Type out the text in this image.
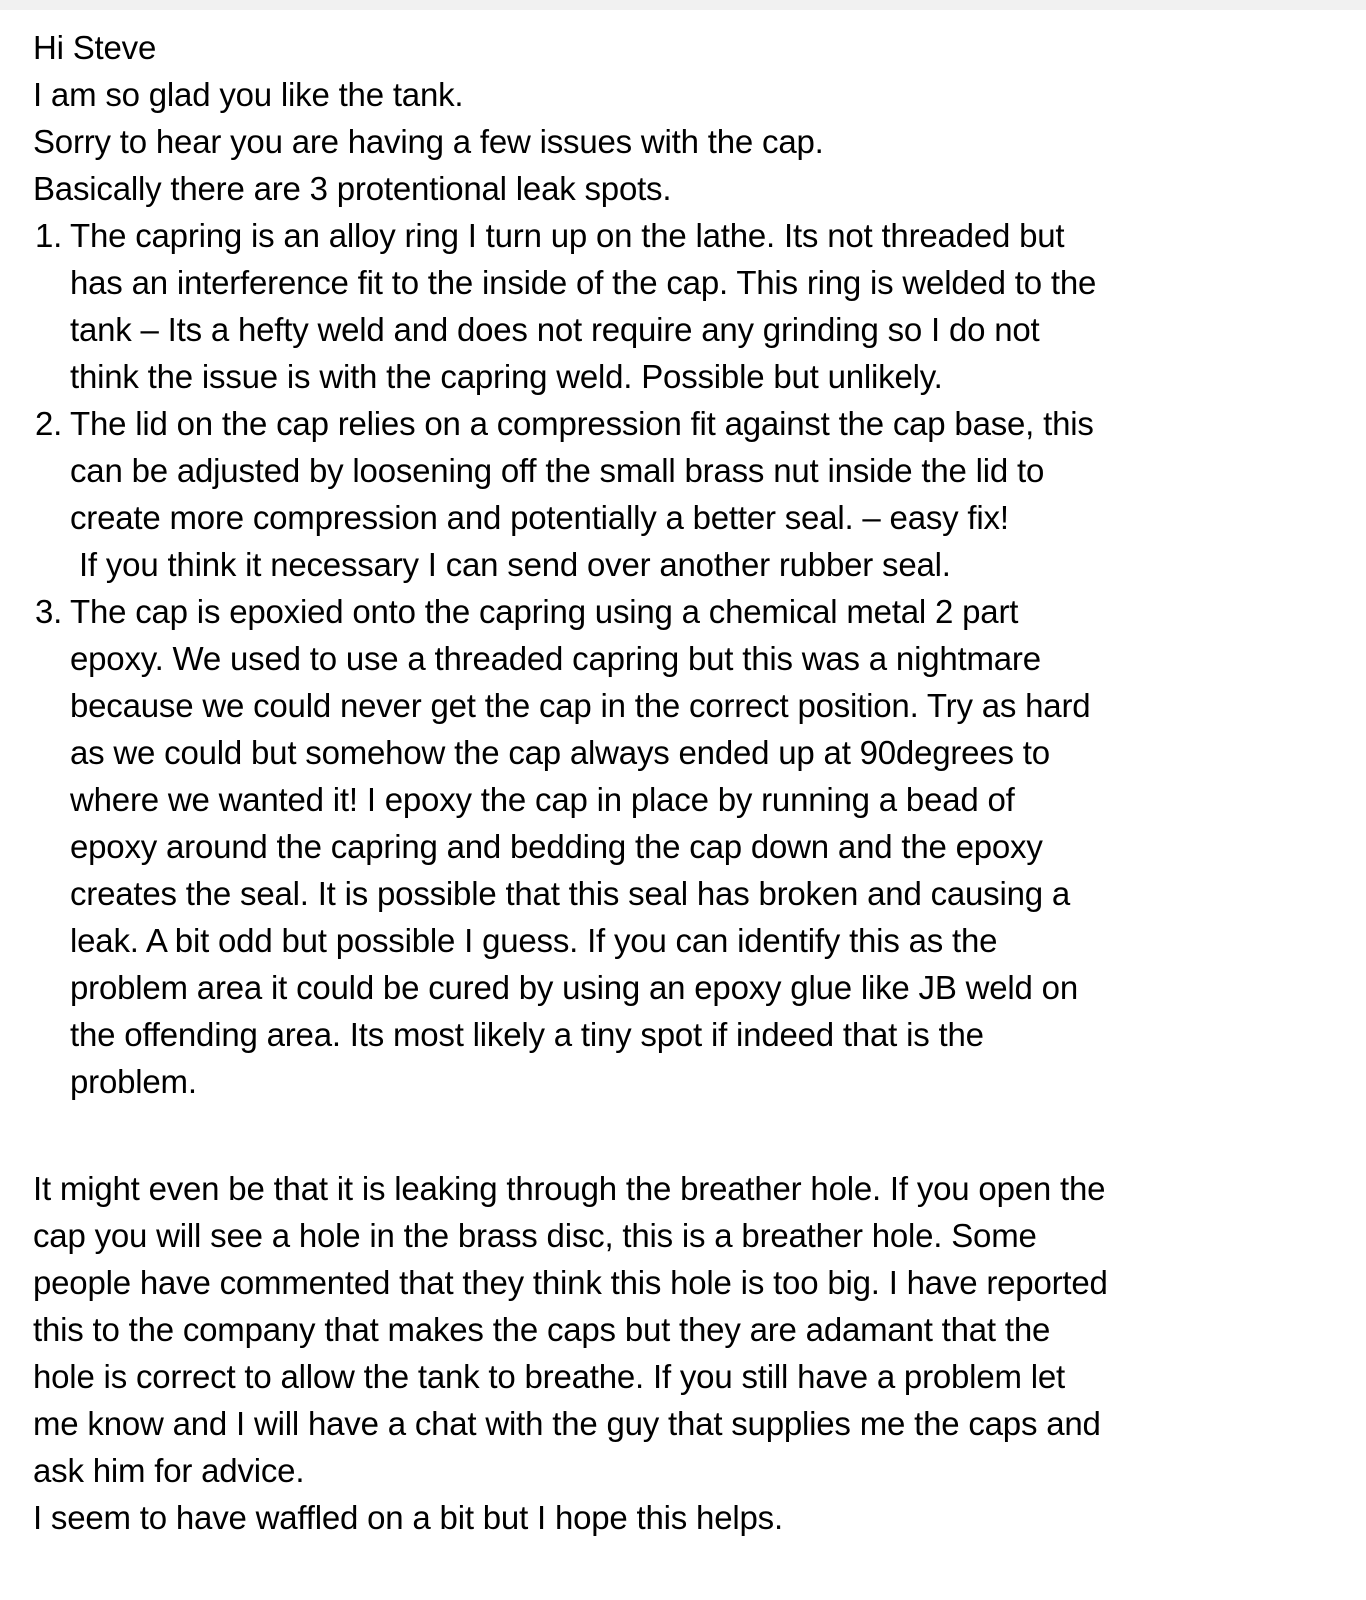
Hi Steve
I am so glad you like the tank.
Sorry to hear you are having a few issues with the cap.
Basically there are 3 protentional leak spots.
1. The capring is an alloy ring I turn up on the lathe. Its not threaded but
has an interference fit to the inside of the cap. This ring is welded to the
tank – Its a hefty weld and does not require any grinding so I do not
think the issue is with the capring weld. Possible but unlikely.
2. The lid on the cap relies on a compression fit against the cap base, this
can be adjusted by loosening off the small brass nut inside the lid to
create more compression and potentially a better seal. – easy fix!
If you think it necessary I can send over another rubber seal.
3. The cap is epoxied onto the capring using a chemical metal 2 part
epoxy. We used to use a threaded capring but this was a nightmare
because we could never get the cap in the correct position. Try as hard
as we could but somehow the cap always ended up at 90degrees to
where we wanted it! I epoxy the cap in place by running a bead of
epoxy around the capring and bedding the cap down and the epoxy
creates the seal. It is possible that this seal has broken and causing a
leak. A bit odd but possible I guess. If you can identify this as the
problem area it could be cured by using an epoxy glue like JB weld on
the offending area. Its most likely a tiny spot if indeed that is the
problem.
It might even be that it is leaking through the breather hole. If you open the
cap you will see a hole in the brass disc, this is a breather hole. Some
people have commented that they think this hole is too big. I have reported
this to the company that makes the caps but they are adamant that the
hole is correct to allow the tank to breathe. If you still have a problem let
me know and I will have a chat with the guy that supplies me the caps and
ask him for advice.
I seem to have waffled on a bit but I hope this helps.
